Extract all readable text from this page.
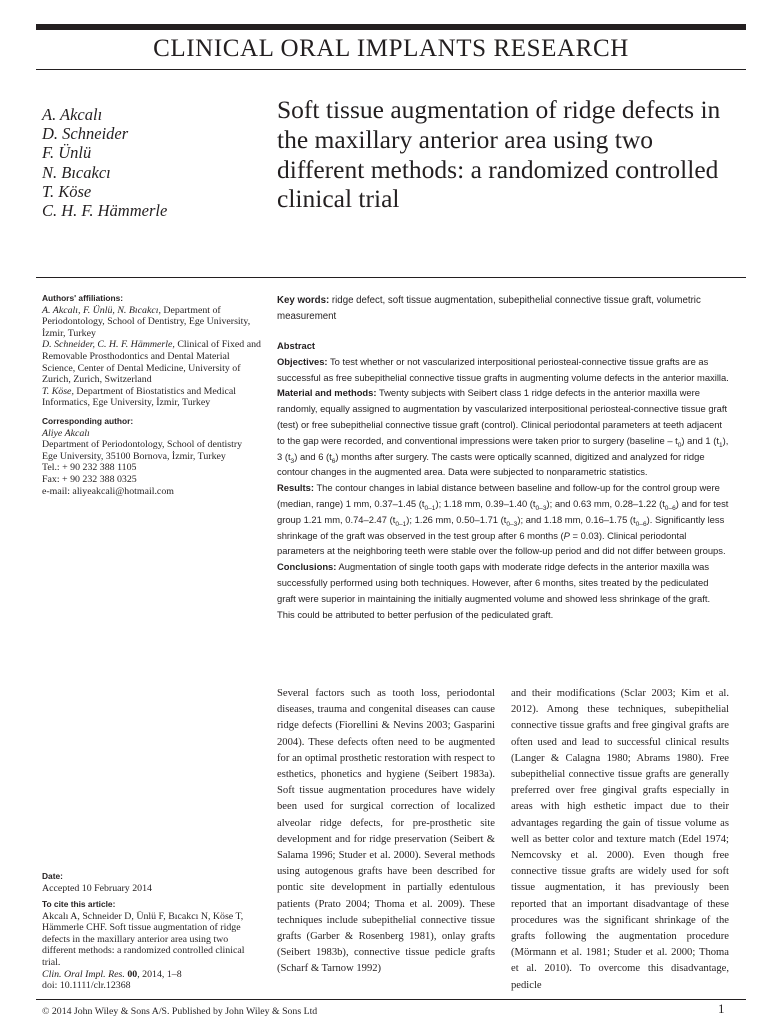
CLINICAL ORAL IMPLANTS RESEARCH
A. Akcalı
D. Schneider
F. Ünlü
N. Bıcakcı
T. Köse
C. H. F. Hämmerle
Soft tissue augmentation of ridge defects in the maxillary anterior area using two different methods: a randomized controlled clinical trial
Authors' affiliations:

A. Akcalı, F. Ünlü, N. Bıcakcı, Department of Periodontology, School of Dentistry, Ege University, İzmir, Turkey

D. Schneider, C. H. F. Hämmerle, Clinical of Fixed and Removable Prosthodontics and Dental Material Science, Center of Dental Medicine, University of Zurich, Zurich, Switzerland

T. Köse, Department of Biostatistics and Medical Informatics, Ege University, İzmir, Turkey

Corresponding author:
Aliye Akcalı
Department of Periodontology, School of dentistry
Ege University, 35100 Bornova, İzmir, Turkey
Tel.: + 90 232 388 1105
Fax: + 90 232 388 0325
e-mail: aliyeakcali@hotmail.com
Date:
Accepted 10 February 2014
To cite this article:
Akcalı A, Schneider D, Ünlü F, Bıcakcı N, Köse T, Hämmerle CHF. Soft tissue augmentation of ridge defects in the maxillary anterior area using two different methods: a randomized controlled clinical trial.
Clin. Oral Impl. Res. 00, 2014, 1–8
doi: 10.1111/clr.12368
Key words: ridge defect, soft tissue augmentation, subepithelial connective tissue graft, volumetric measurement
Abstract

Objectives: To test whether or not vascularized interpositional periosteal-connective tissue grafts are as successful as free subepithelial connective tissue grafts in augmenting volume defects in the anterior maxilla.

Material and methods: Twenty subjects with Seibert class 1 ridge defects in the anterior maxilla were randomly, equally assigned to augmentation by vascularized interpositional periosteal-connective tissue graft (test) or free subepithelial connective tissue graft (control). Clinical periodontal parameters at teeth adjacent to the gap were recorded, and conventional impressions were taken prior to surgery (baseline – $t_0$) and 1 $(t_1)$, 3 $(t_3)$ and 6 $(t_6)$ months after surgery. The casts were optically scanned, digitized and analyzed for ridge contour changes in the augmented area. Data were subjected to nonparametric statistics.

Results: The contour changes in labial distance between baseline and follow-up for the control group were (median, range) 1 mm, 0.37–1.45 $(t_{0-1})$; 1.18 mm, 0.39–1.40 $(t_{0-3})$; and 0.63 mm, 0.28–1.22 $(t_{0-6})$ and for test group 1.21 mm, 0.74–2.47 $(t_{0-1})$; 1.26 mm, 0.50–1.71 $(t_{0-3})$; and 1.18 mm, 0.16–1.75 $(t_{0-6})$. Significantly less shrinkage of the graft was observed in the test group after 6 months (P = 0.03). Clinical periodontal parameters at the neighboring teeth were stable over the follow-up period and did not differ between groups.

Conclusions: Augmentation of single tooth gaps with moderate ridge defects in the anterior maxilla was successfully performed using both techniques. However, after 6 months, sites treated by the pediculated graft were superior in maintaining the initially augmented volume and showed less shrinkage of the graft. This could be attributed to better perfusion of the pediculated graft.

Several factors such as tooth loss, periodontal diseases, trauma and congenital diseases can cause ridge defects (Fiorellini & Nevins 2003; Gasparini 2004). These defects often need to be augmented for an optimal prosthetic restoration with respect to esthetics, phonetics and hygiene (Seibert 1983a). Soft tissue augmentation procedures have widely been used for surgical correction of localized alveolar ridge defects, for pre-prosthetic site development and for ridge preservation (Seibert & Salama 1996; Studer et al. 2000). Several methods using autogenous grafts have been described for pontic site development in partially edentulous patients (Prato 2004; Thoma et al. 2009). These techniques include subepithelial connective tissue grafts (Garber & Rosenberg 1981), onlay grafts (Seibert 1983b), connective tissue pedicle grafts (Scharf & Tarnow 1992)
and their modifications (Sclar 2003; Kim et al. 2012). Among these techniques, subepithelial connective tissue grafts and free gingival grafts are often used and lead to successful clinical results (Langer & Calagna 1980; Abrams 1980). Free subepithelial connective tissue grafts are generally preferred over free gingival grafts especially in areas with high esthetic impact due to their advantages regarding the gain of tissue volume as well as better color and texture match (Edel 1974; Nemcovsky et al. 2000). Even though free connective tissue grafts are widely used for soft tissue augmentation, it has previously been reported that an important disadvantage of these procedures was the significant shrinkage of the grafts following the augmentation procedure (Mörmann et al. 1981; Studer et al. 2000; Thoma et al. 2010). To overcome this disadvantage, pedicle
© 2014 John Wiley & Sons A/S. Published by John Wiley & Sons Ltd	1
